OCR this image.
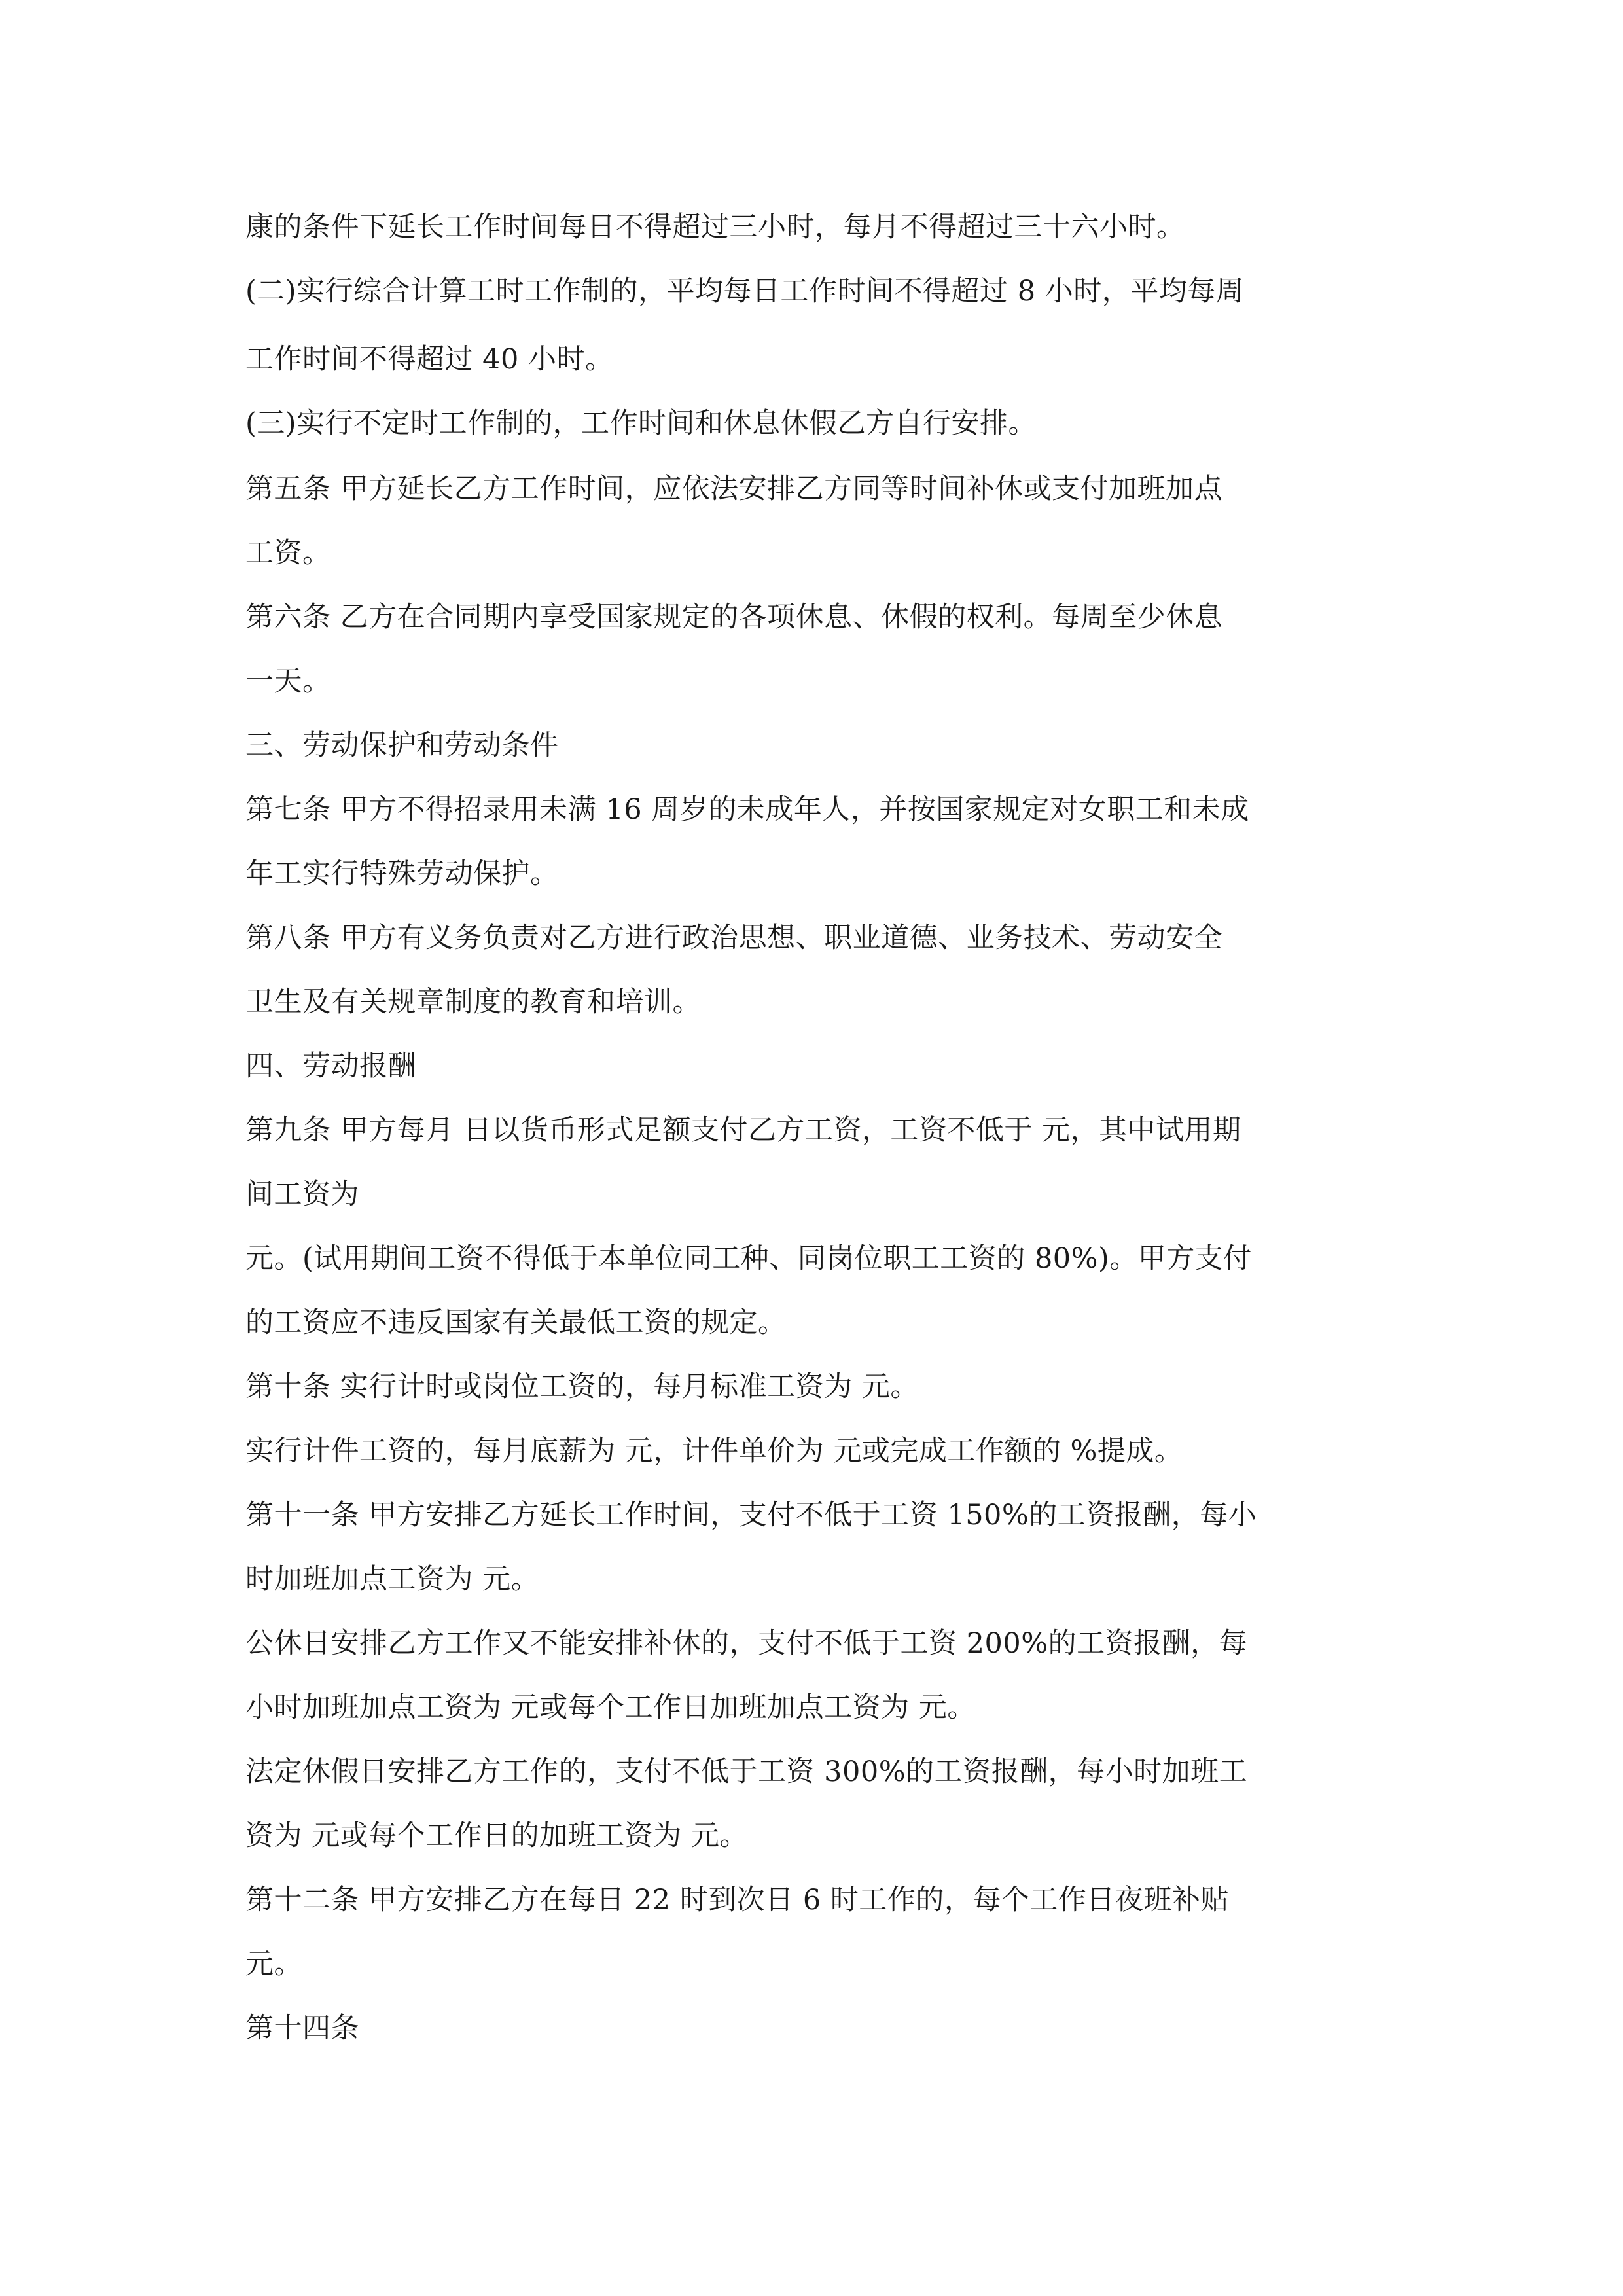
康的条件下延长工作时间每日不得超过三小时，每月不得超过三十六小时。
(二)实行综合计算工时工作制的，平均每日工作时间不得超过 8 小时，平均每周
工作时间不得超过 40 小时。
(三)实行不定时工作制的，工作时间和休息休假乙方自行安排。
第五条 甲方延长乙方工作时间，应依法安排乙方同等时间补休或支付加班加点
工资。
第六条 乙方在合同期内享受国家规定的各项休息、休假的权利。每周至少休息
一天。
三、劳动保护和劳动条件
第七条 甲方不得招录用未满 16 周岁的未成年人，并按国家规定对女职工和未成
年工实行特殊劳动保护。
第八条 甲方有义务负责对乙方进行政治思想、职业道德、业务技术、劳动安全
卫生及有关规章制度的教育和培训。
四、劳动报酬
第九条 甲方每月 日以货币形式足额支付乙方工资，工资不低于 元，其中试用期
间工资为
元。(试用期间工资不得低于本单位同工种、同岗位职工工资的 80%)。甲方支付
的工资应不违反国家有关最低工资的规定。
第十条 实行计时或岗位工资的，每月标准工资为 元。
实行计件工资的，每月底薪为 元，计件单价为 元或完成工作额的 %提成。
第十一条 甲方安排乙方延长工作时间，支付不低于工资 150%的工资报酬，每小
时加班加点工资为 元。
公休日安排乙方工作又不能安排补休的，支付不低于工资 200%的工资报酬，每
小时加班加点工资为 元或每个工作日加班加点工资为 元。
法定休假日安排乙方工作的，支付不低于工资 300%的工资报酬，每小时加班工
资为 元或每个工作日的加班工资为 元。
第十二条 甲方安排乙方在每日 22 时到次日 6 时工作的，每个工作日夜班补贴
元。
第十四条
